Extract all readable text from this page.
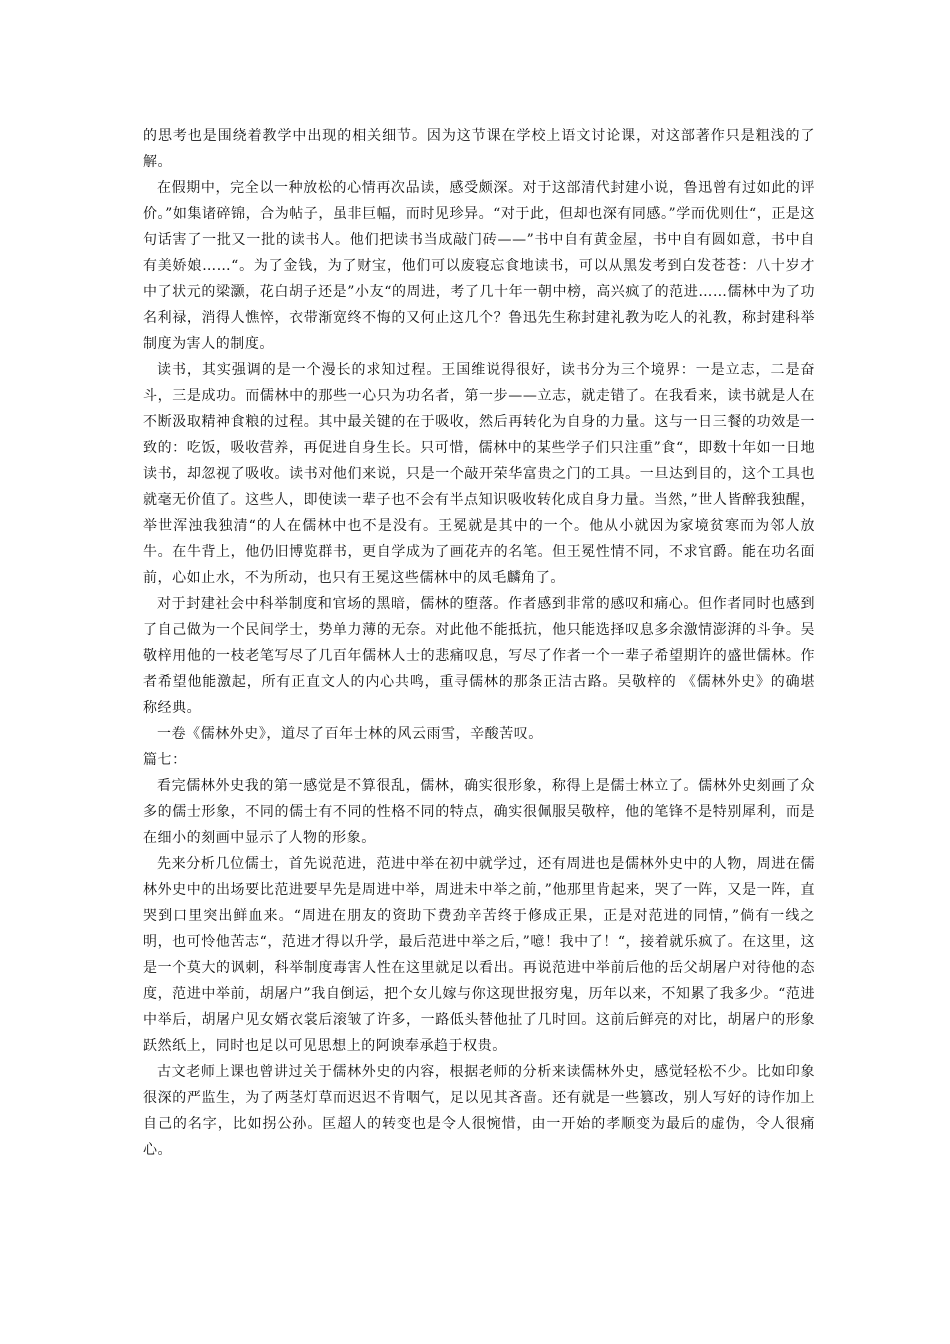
的思考也是围绕着教学中出现的相关细节。因为这节课在学校上语文讨论课，对这部著作只是粗浅的了解。

在假期中，完全以一种放松的心情再次品读，感受颇深。对于这部清代封建小说，鲁迅曾有过如此的评价。”如集诸碎锦，合为帖子，虽非巨幅，而时见珍异。“对于此，但却也深有同感。”学而优则仕“，正是这句话害了一批又一批的读书人。他们把读书当成敲门砖——”书中自有黄金屋，书中自有圆如意，书中自有美娇娘……“。为了金钱，为了财宝，他们可以废寝忘食地读书，可以从黑发考到白发苍苍：八十岁才中了状元的梁灏，花白胡子还是”小友“的周进，考了几十年一朝中榜，高兴疯了的范进……儒林中为了功名利禄，消得人憔悴，衣带渐宽终不悔的又何止这几个？鲁迅先生称封建礼教为吃人的礼教，称封建科举制度为害人的制度。

读书，其实强调的是一个漫长的求知过程。王国维说得很好，读书分为三个境界：一是立志，二是奋斗，三是成功。而儒林中的那些一心只为功名者，第一步——立志，就走错了。在我看来，读书就是人在不断汲取精神食粮的过程。其中最关键的在于吸收，然后再转化为自身的力量。这与一日三餐的功效是一致的：吃饭，吸收营养，再促进自身生长。只可惜，儒林中的某些学子们只注重”食“，即数十年如一日地读书，却忽视了吸收。读书对他们来说，只是一个敲开荣华富贵之门的工具。一旦达到目的，这个工具也就毫无价值了。这些人，即使读一辈子也不会有半点知识吸收转化成自身力量。当然，”世人皆醉我独醒，举世浑浊我独清“的人在儒林中也不是没有。王冕就是其中的一个。他从小就因为家境贫寒而为邻人放牛。在牛背上，他仍旧博览群书，更自学成为了画花卉的名笔。但王冕性情不同，不求官爵。能在功名面前，心如止水，不为所动，也只有王冕这些儒林中的凤毛麟角了。

对于封建社会中科举制度和官场的黑暗，儒林的堕落。作者感到非常的感叹和痛心。但作者同时也感到了自己做为一个民间学士，势单力薄的无奈。对此他不能抵抗，他只能选择叹息多余激情澎湃的斗争。吴敬梓用他的一枝老笔写尽了几百年儒林人士的悲痛叹息，写尽了作者一个一辈子希望期许的盛世儒林。作者希望他能激起，所有正直文人的内心共鸣，重寻儒林的那条正洁古路。吴敬梓的 《儒林外史》的确堪称经典。

一卷《儒林外史》，道尽了百年士林的风云雨雪，辛酸苦叹。

篇七：

看完儒林外史我的第一感觉是不算很乱，儒林，确实很形象，称得上是儒士林立了。儒林外史刻画了众多的儒士形象，不同的儒士有不同的性格不同的特点，确实很佩服吴敬梓，他的笔锋不是特别犀利，而是在细小的刻画中显示了人物的形象。

先来分析几位儒士，首先说范进，范进中举在初中就学过，还有周进也是儒林外史中的人物，周进在儒林外史中的出场要比范进要早先是周进中举，周进未中举之前，”他那里肯起来，哭了一阵，又是一阵，直哭到口里突出鲜血来。“周进在朋友的资助下费劲辛苦终于修成正果，正是对范进的同情，”倘有一线之明，也可怜他苦志“，范进才得以升学，最后范进中举之后，”噫！我中了！“，接着就乐疯了。在这里，这是一个莫大的讽刺，科举制度毒害人性在这里就足以看出。再说范进中举前后他的岳父胡屠户对待他的态度，范进中举前，胡屠户”我自倒运，把个女儿嫁与你这现世报穷鬼，历年以来，不知累了我多少。“范进中举后，胡屠户见女婿衣裳后滚皱了许多，一路低头替他扯了几时回。这前后鲜亮的对比，胡屠户的形象跃然纸上，同时也足以可见思想上的阿谀奉承趋于权贵。

古文老师上课也曾讲过关于儒林外史的内容，根据老师的分析来读儒林外史，感觉轻松不少。比如印象很深的严监生，为了两茎灯草而迟迟不肯咽气，足以见其吝啬。还有就是一些篡改，别人写好的诗作加上自己的名字，比如拐公孙。匡超人的转变也是令人很惋惜，由一开始的孝顺变为最后的虚伪，令人很痛心。
